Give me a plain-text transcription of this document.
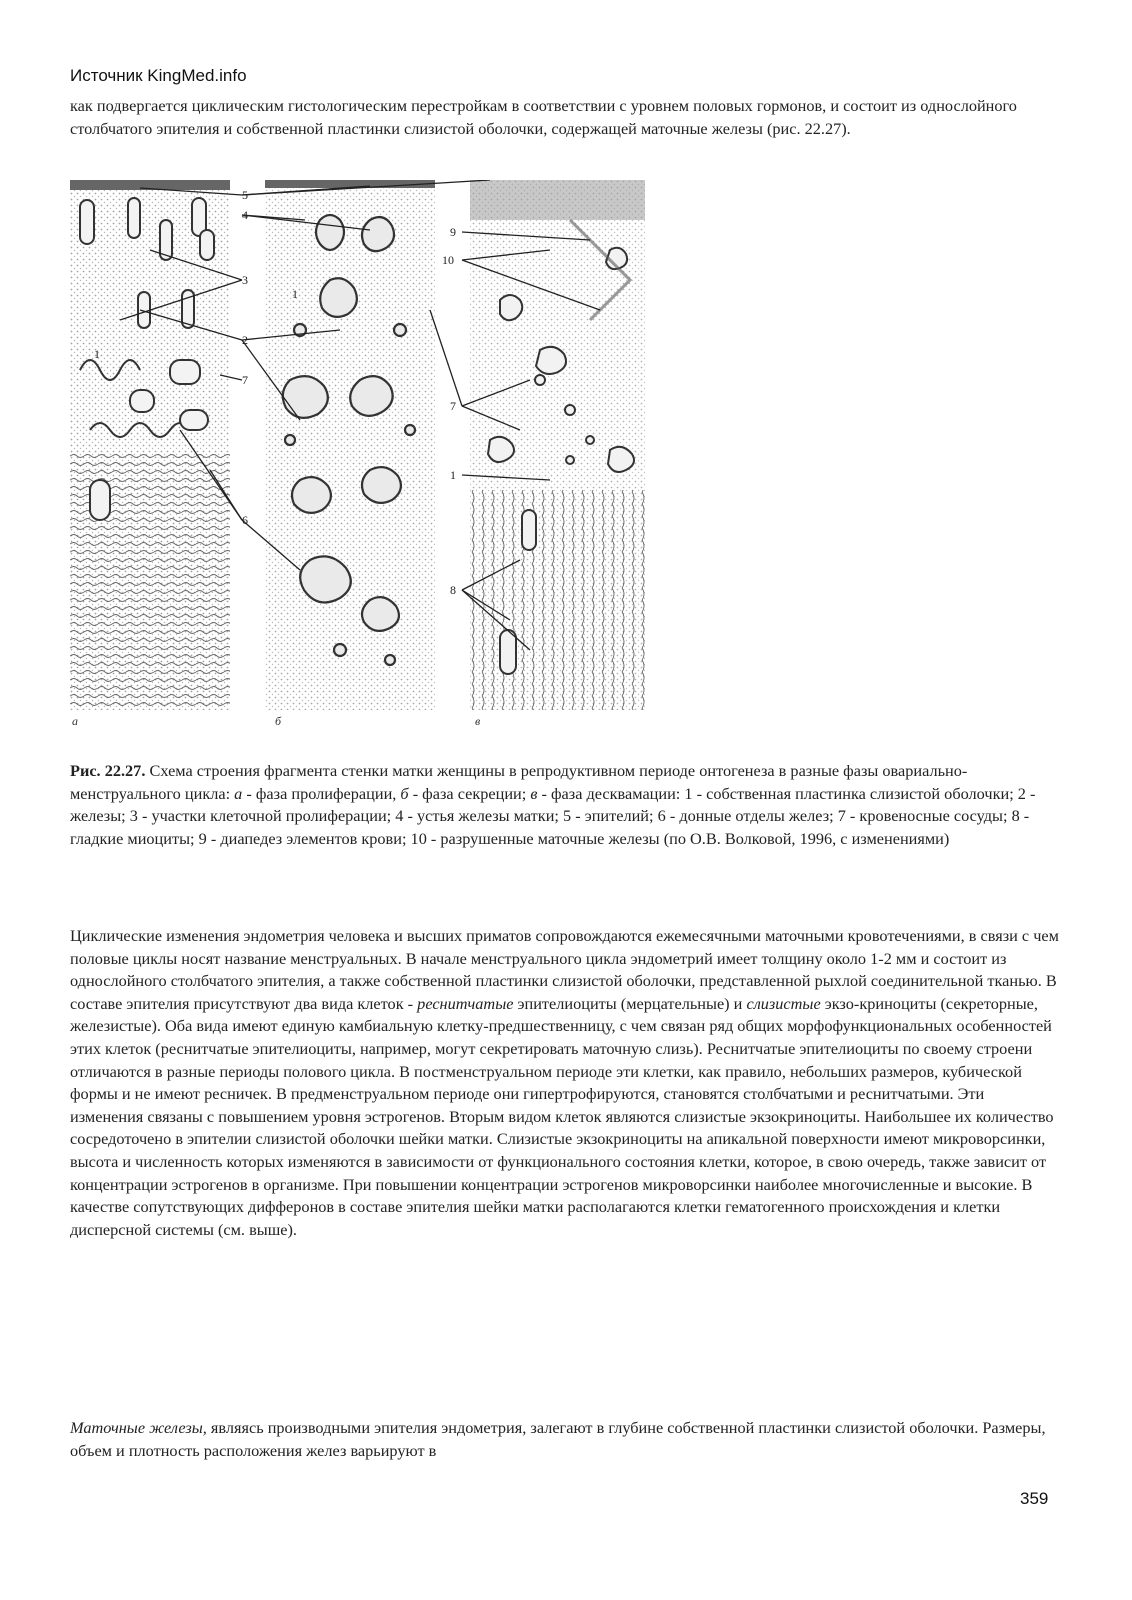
Источник KingMed.info

как подвергается циклическим гистологическим перестройкам в соответствии с уровнем половых гормонов, и состоит из однослойного столбчатого эпителия и собственной пластинки слизистой оболочки, содержащей маточные железы (рис. 22.27).

5
4
3
2
7
6
9
10
7
1
8
1
1
а	б	в
Рис. 22.27. Схема строения фрагмента стенки матки женщины в репродуктивном периоде онтогенеза в разные фазы овариально-менструального цикла: а - фаза пролиферации, б - фаза секреции; в - фаза десквамации: 1 - собственная пластинка слизистой оболочки; 2 - железы; 3 - участки клеточной пролиферации; 4 - устья железы матки; 5 - эпителий; 6 - донные отделы желез; 7 - кровеносные сосуды; 8 - гладкие миоциты; 9 - диапедез элементов крови; 10 - разрушенные маточные железы (по О.В. Волковой, 1996, с изменениями)

Циклические изменения эндометрия человека и высших приматов сопровождаются ежемесячными маточными кровотечениями, в связи с чем половые циклы носят название менструальных. В начале менструального цикла эндометрий имеет толщину около 1-2 мм и состоит из однослойного столбчатого эпителия, а также собственной пластинки слизистой оболочки, представленной рыхлой соединительной тканью. В составе эпителия присутствуют два вида клеток - реснитчатые эпителиоциты (мерцательные) и слизистые экзо-криноциты (секреторные, железистые). Оба вида имеют единую камбиальную клетку-предшественницу, с чем связан ряд общих морфофункциональных особенностей этих клеток (реснитчатые эпителиоциты, например, могут секретировать маточную слизь). Реснитчатые эпителиоциты по своему строени отличаются в разные периоды полового цикла. В постменструальном периоде эти клетки, как правило, небольших размеров, кубической формы и не имеют ресничек. В предменструальном периоде они гипертрофируются, становятся столбчатыми и реснитчатыми. Эти изменения связаны с повышением уровня эстрогенов. Вторым видом клеток являются слизистые экзокриноциты. Наибольшее их количество сосредоточено в эпителии слизистой оболочки шейки матки. Слизистые экзокриноциты на апикальной поверхности имеют микроворсинки, высота и численность которых изменяются в зависимости от функционального состояния клетки, которое, в свою очередь, также зависит от концентрации эстрогенов в организме. При повышении концентрации эстрогенов микроворсинки наиболее многочисленные и высокие. В качестве сопутствующих дифферонов в составе эпителия шейки матки располагаются клетки гематогенного происхождения и клетки дисперсной системы (см. выше).

Маточные железы, являясь производными эпителия эндометрия, залегают в глубине собственной пластинки слизистой оболочки. Размеры, объем и плотность расположения желез варьируют в

359
